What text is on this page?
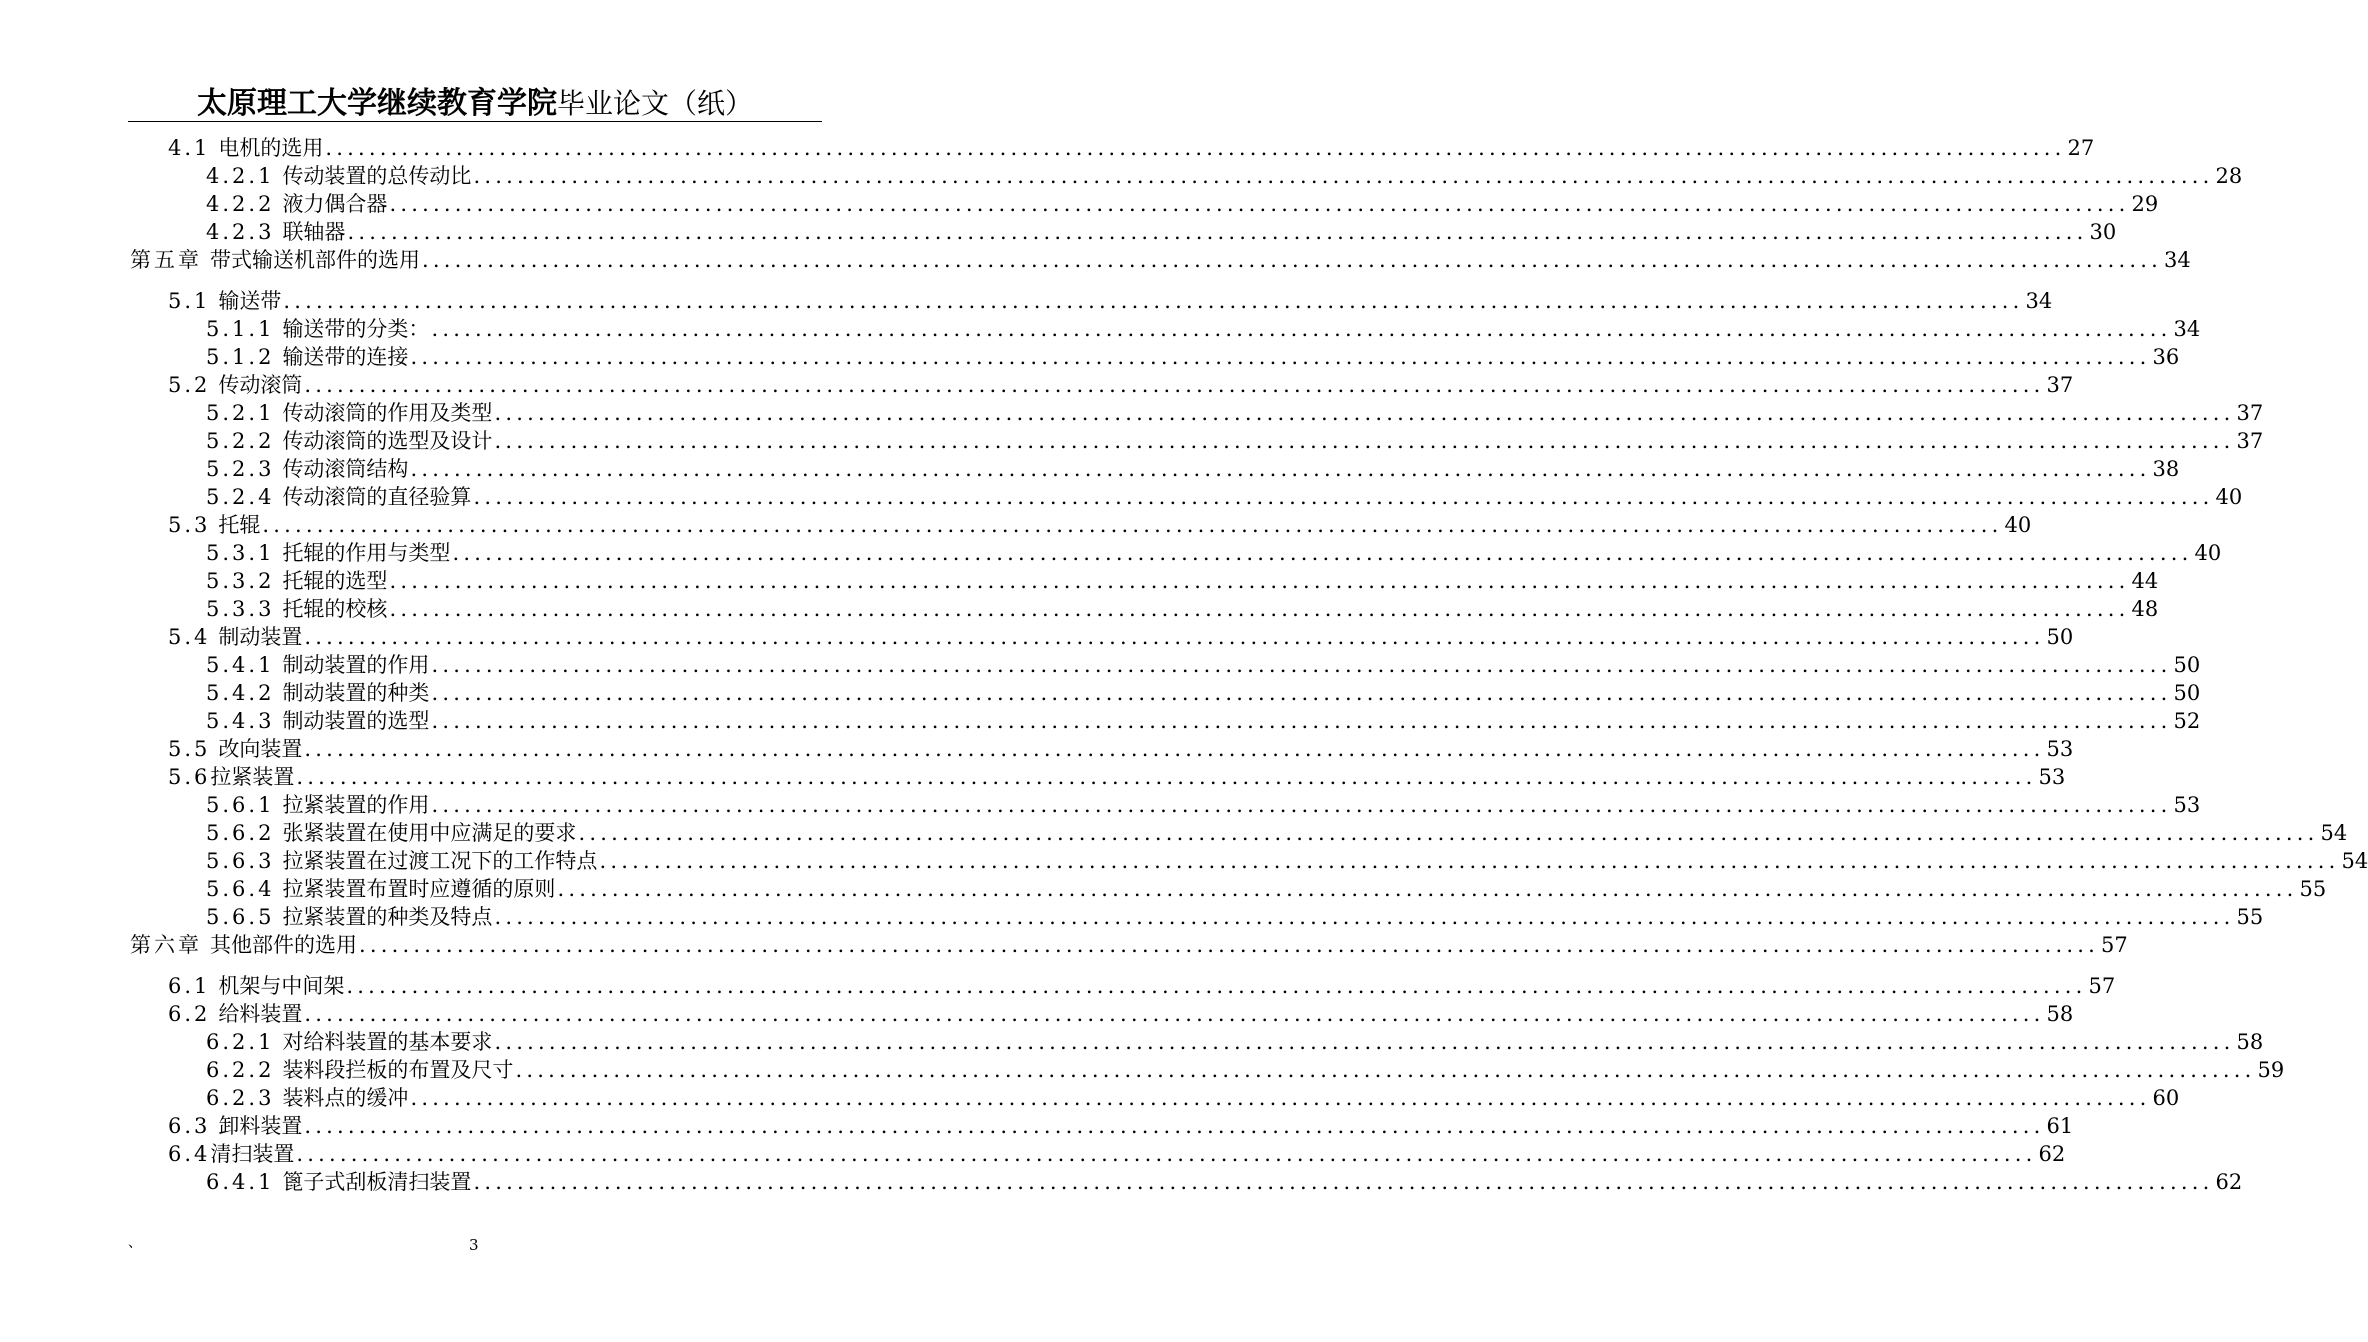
太原理工大学继续教育学院毕业论文（纸）
4.1 电机的选用 ................................................................................................................................................................ 27
4.2.1 传动装置的总传动比 ................................................................................................................................................................ 28
4.2.2 液力偶合器 ................................................................................................................................................................ 29
4.2.3 联轴器 ................................................................................................................................................................ 30
第五章 带式输送机部件的选用 ................................................................................................................................................................ 34
5.1 输送带 ................................................................................................................................................................ 34
5.1.1 输送带的分类： ................................................................................................................................................................ 34
5.1.2 输送带的连接 ................................................................................................................................................................ 36
5.2 传动滚筒 ................................................................................................................................................................ 37
5.2.1 传动滚筒的作用及类型 ................................................................................................................................................................ 37
5.2.2 传动滚筒的选型及设计 ................................................................................................................................................................ 37
5.2.3 传动滚筒结构 ................................................................................................................................................................ 38
5.2.4 传动滚筒的直径验算 ................................................................................................................................................................ 40
5.3 托辊 ................................................................................................................................................................ 40
5.3.1 托辊的作用与类型 ................................................................................................................................................................ 40
5.3.2 托辊的选型 ................................................................................................................................................................ 44
5.3.3 托辊的校核 ................................................................................................................................................................ 48
5.4 制动装置 ................................................................................................................................................................ 50
5.4.1 制动装置的作用 ................................................................................................................................................................ 50
5.4.2 制动装置的种类 ................................................................................................................................................................ 50
5.4.3 制动装置的选型 ................................................................................................................................................................ 52
5.5 改向装置 ................................................................................................................................................................ 53
5.6 拉紧装置 ................................................................................................................................................................ 53
5.6.1 拉紧装置的作用 ................................................................................................................................................................ 53
5.6.2 张紧装置在使用中应满足的要求 ................................................................................................................................................................ 54
5.6.3 拉紧装置在过渡工况下的工作特点 ................................................................................................................................................................ 54
5.6.4 拉紧装置布置时应遵循的原则 ................................................................................................................................................................ 55
5.6.5 拉紧装置的种类及特点 ................................................................................................................................................................ 55
第六章 其他部件的选用 ................................................................................................................................................................ 57
6.1 机架与中间架 ................................................................................................................................................................ 57
6.2 给料装置 ................................................................................................................................................................ 58
6.2.1 对给料装置的基本要求 ................................................................................................................................................................ 58
6.2.2 装料段拦板的布置及尺寸 ................................................................................................................................................................ 59
6.2.3 装料点的缓冲 ................................................................................................................................................................ 60
6.3 卸料装置 ................................................................................................................................................................ 61
6.4 清扫装置 ................................................................................................................................................................ 62
6.4.1 篦子式刮板清扫装置 ................................................................................................................................................................ 62
、	3
